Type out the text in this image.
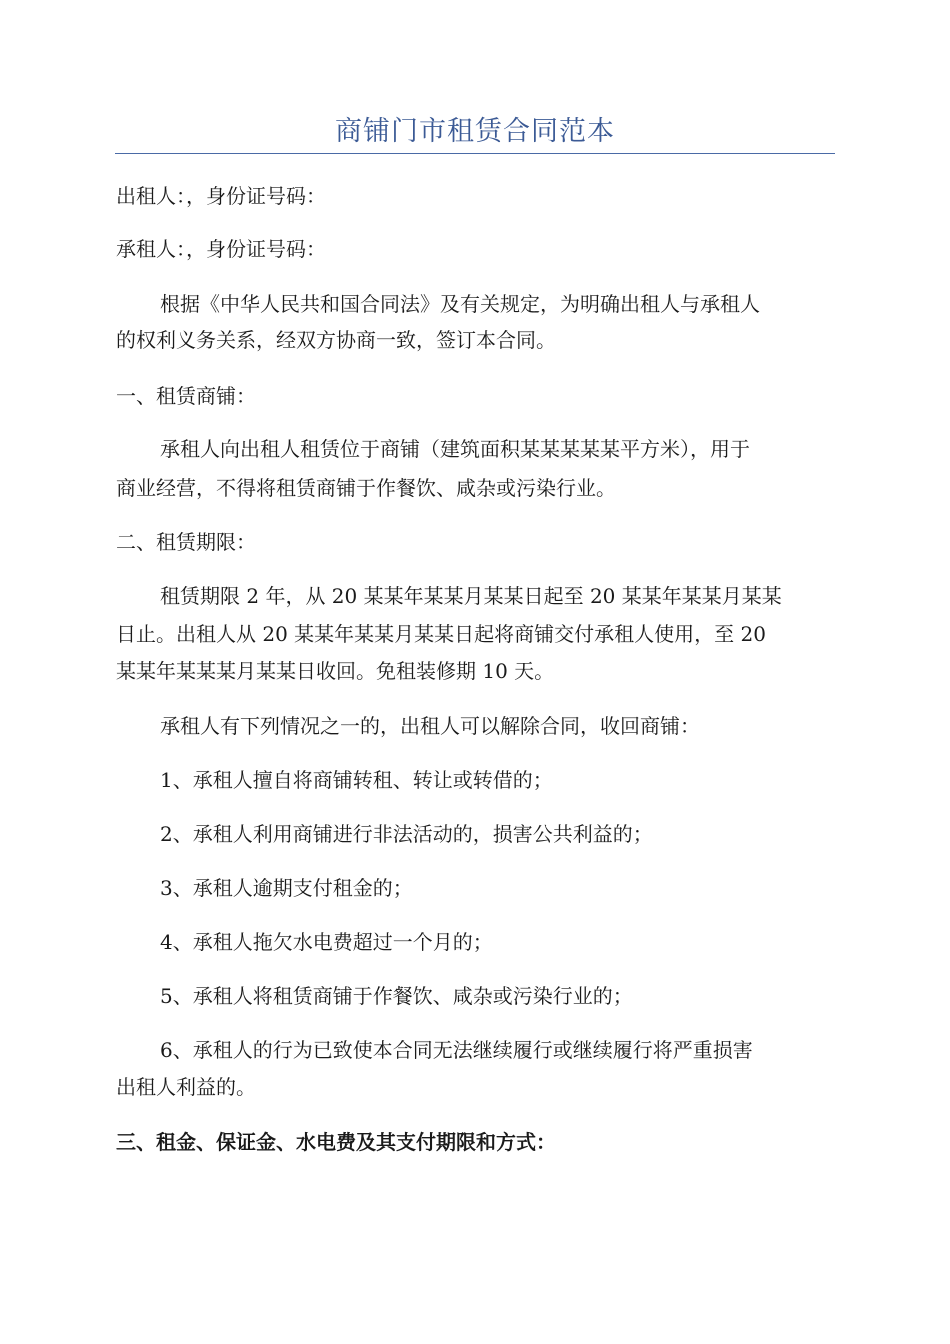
商铺门市租赁合同范本
出租人：，身份证号码：
承租人：，身份证号码：
根据《中华人民共和国合同法》及有关规定，为明确出租人与承租人
的权利义务关系，经双方协商一致，签订本合同。
一、租赁商铺：
承租人向出租人租赁位于商铺（建筑面积某某某某某平方米），用于
商业经营，不得将租赁商铺于作餐饮、咸杂或污染行业。
二、租赁期限：
租赁期限 2 年，从 20 某某年某某月某某日起至 20 某某年某某月某某
日止。出租人从 20 某某年某某月某某日起将商铺交付承租人使用，至 20
某某年某某某月某某日收回。免租装修期 10 天。
承租人有下列情况之一的，出租人可以解除合同，收回商铺：
1、承租人擅自将商铺转租、转让或转借的；
2、承租人利用商铺进行非法活动的，损害公共利益的；
3、承租人逾期支付租金的；
4、承租人拖欠水电费超过一个月的；
5、承租人将租赁商铺于作餐饮、咸杂或污染行业的；
6、承租人的行为已致使本合同无法继续履行或继续履行将严重损害
出租人利益的。
三、租金、保证金、水电费及其支付期限和方式：
